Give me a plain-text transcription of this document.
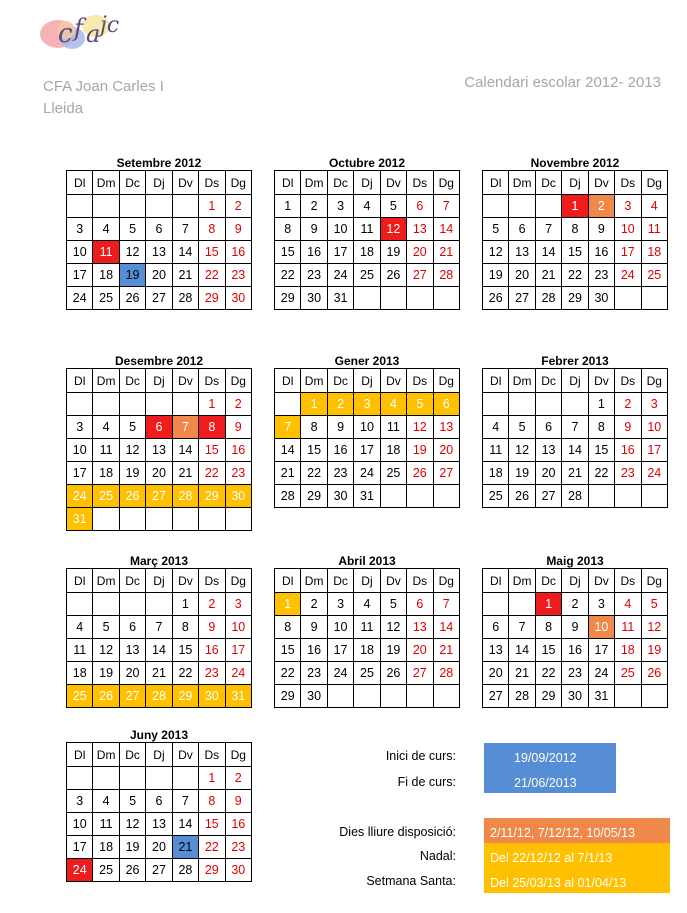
c f a jc
CFA Joan Carles I
Lleida
Calendari escolar 2012- 2013
Setembre 2012
Dl	Dm	Dc	Dj	Dv	Ds	Dg
					1	2
3	4	5	6	7	8	9
10	11	12	13	14	15	16
17	18	19	20	21	22	23
24	25	26	27	28	29	30
Octubre 2012
Dl	Dm	Dc	Dj	Dv	Ds	Dg
1	2	3	4	5	6	7
8	9	10	11	12	13	14
15	16	17	18	19	20	21
22	23	24	25	26	27	28
29	30	31				
Novembre 2012
Dl	Dm	Dc	Dj	Dv	Ds	Dg
			1	2	3	4
5	6	7	8	9	10	11
12	13	14	15	16	17	18
19	20	21	22	23	24	25
26	27	28	29	30		
Desembre 2012
Dl	Dm	Dc	Dj	Dv	Ds	Dg
					1	2
3	4	5	6	7	8	9
10	11	12	13	14	15	16
17	18	19	20	21	22	23
24	25	26	27	28	29	30
31						
Gener 2013
Dl	Dm	Dc	Dj	Dv	Ds	Dg
	1	2	3	4	5	6
7	8	9	10	11	12	13
14	15	16	17	18	19	20
21	22	23	24	25	26	27
28	29	30	31			
Febrer 2013
Dl	Dm	Dc	Dj	Dv	Ds	Dg
				1	2	3
4	5	6	7	8	9	10
11	12	13	14	15	16	17
18	19	20	21	22	23	24
25	26	27	28			
Març 2013
Dl	Dm	Dc	Dj	Dv	Ds	Dg
				1	2	3
4	5	6	7	8	9	10
11	12	13	14	15	16	17
18	19	20	21	22	23	24
25	26	27	28	29	30	31
Abril 2013
Dl	Dm	Dc	Dj	Dv	Ds	Dg
1	2	3	4	5	6	7
8	9	10	11	12	13	14
15	16	17	18	19	20	21
22	23	24	25	26	27	28
29	30					
Maig 2013
Dl	Dm	Dc	Dj	Dv	Ds	Dg
		1	2	3	4	5
6	7	8	9	10	11	12
13	14	15	16	17	18	19
20	21	22	23	24	25	26
27	28	29	30	31		
Juny 2013
Dl	Dm	Dc	Dj	Dv	Ds	Dg
					1	2
3	4	5	6	7	8	9
10	11	12	13	14	15	16
17	18	19	20	21	22	23
24	25	26	27	28	29	30
Inici de curs:	19/09/2012
Fi de curs:	21/06/2013
Dies lliure disposició:	2/11/12, 7/12/12, 10/05/13
Nadal:	Del 22/12/12 al 7/1/13
Setmana Santa:	Del 25/03/13 al 01/04/13
